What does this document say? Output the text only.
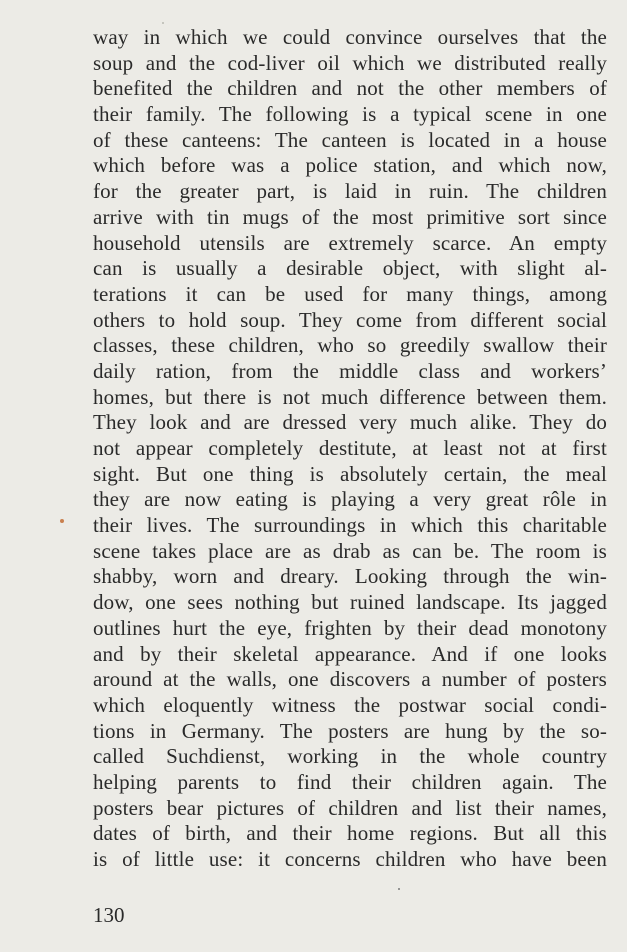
way in which we could convince ourselves that the
soup and the cod-liver oil which we distributed really
benefited the children and not the other members of
their family. The following is a typical scene in one
of these canteens: The canteen is located in a house
which before was a police station, and which now,
for the greater part, is laid in ruin. The children
arrive with tin mugs of the most primitive sort since
household utensils are extremely scarce. An empty
can is usually a desirable object, with slight al-
terations it can be used for many things, among
others to hold soup. They come from different social
classes, these children, who so greedily swallow their
daily ration, from the middle class and workers’
homes, but there is not much difference between them.
They look and are dressed very much alike. They do
not appear completely destitute, at least not at first
sight. But one thing is absolutely certain, the meal
they are now eating is playing a very great rôle in
their lives. The surroundings in which this charitable
scene takes place are as drab as can be. The room is
shabby, worn and dreary. Looking through the win-
dow, one sees nothing but ruined landscape. Its jagged
outlines hurt the eye, frighten by their dead monotony
and by their skeletal appearance. And if one looks
around at the walls, one discovers a number of posters
which eloquently witness the postwar social condi-
tions in Germany. The posters are hung by the so-
called Suchdienst, working in the whole country
helping parents to find their children again. The
posters bear pictures of children and list their names,
dates of birth, and their home regions. But all this
is of little use: it concerns children who have been
130
